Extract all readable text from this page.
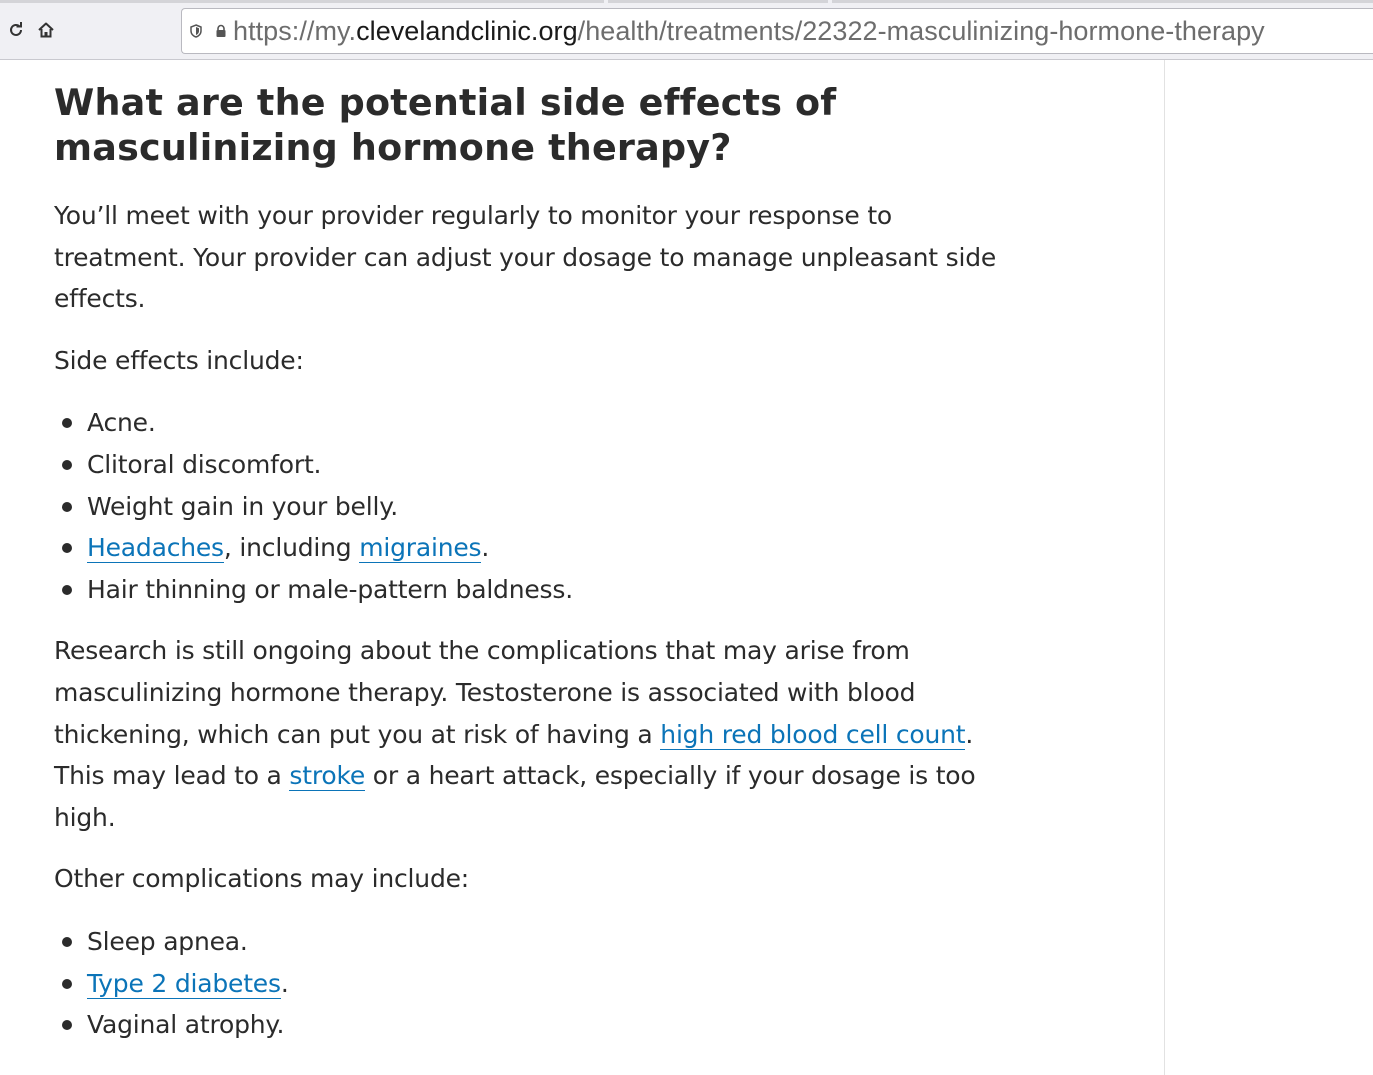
https://my.clevelandclinic.org/health/treatments/22322-masculinizing-hormone-therapy
What are the potential side effects of
masculinizing hormone therapy?

You’ll meet with your provider regularly to monitor your response to
treatment. Your provider can adjust your dosage to manage unpleasant side
effects.

Side effects include:

Acne.
Clitoral discomfort.
Weight gain in your belly.
Headaches, including migraines.
Hair thinning or male-pattern baldness.

Research is still ongoing about the complications that may arise from
masculinizing hormone therapy. Testosterone is associated with blood
thickening, which can put you at risk of having a high red blood cell count.
This may lead to a stroke or a heart attack, especially if your dosage is too
high.

Other complications may include:

Sleep apnea.
Type 2 diabetes.
Vaginal atrophy.
